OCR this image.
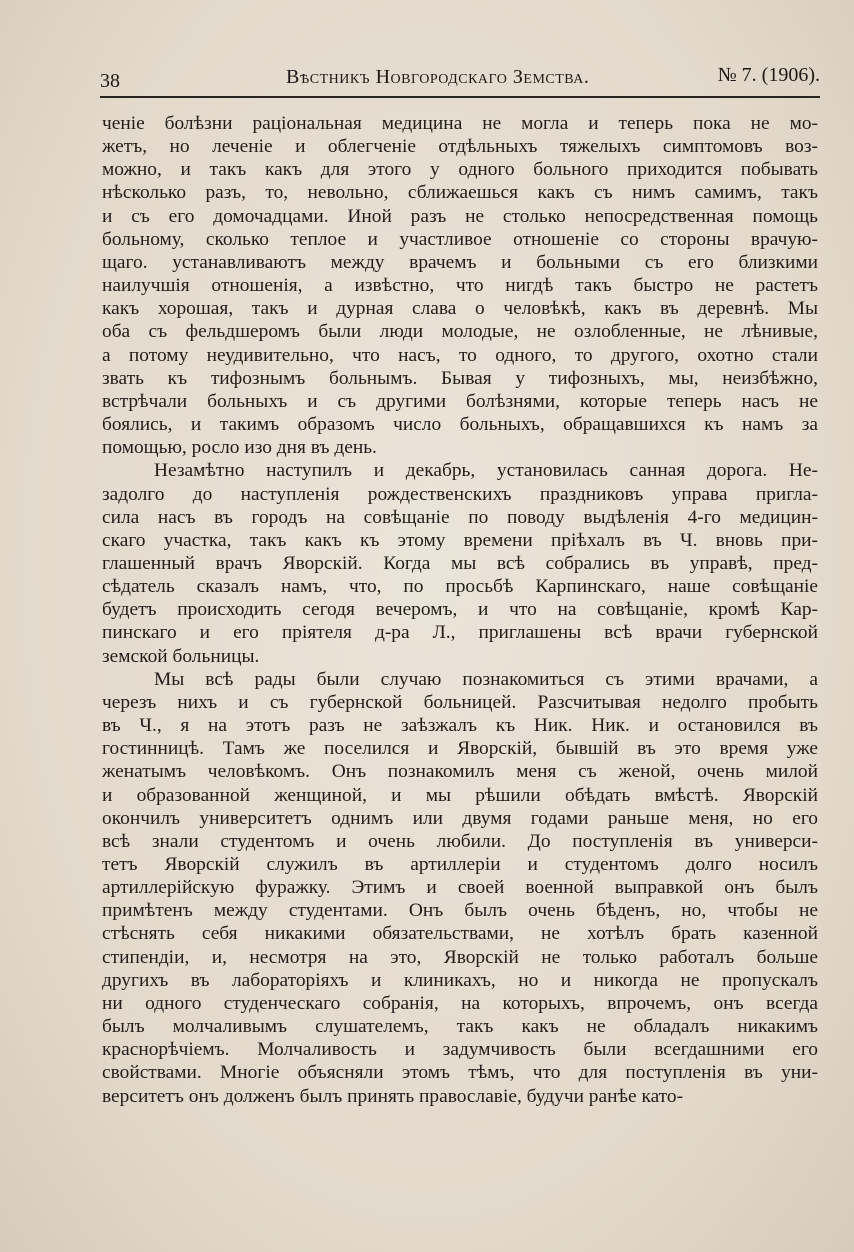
38	Вѣстникъ Новгородскаго Земства.	№ 7. (1906).
ченіе болѣзни раціональная медицина не могла и теперь пока не мо-
жетъ, но леченіе и облегченіе отдѣльныхъ тяжелыхъ симптомовъ воз-
можно, и такъ какъ для этого у одного больного приходится побывать
нѣсколько разъ, то, невольно, сближаешься какъ съ нимъ самимъ, такъ
и съ его домочадцами. Иной разъ не столько непосредственная помощь
больному, сколько теплое и участливое отношеніе со стороны врачую-
щаго. устанавливаютъ между врачемъ и больными съ его близкими
наилучшія отношенія, а извѣстно, что нигдѣ такъ быстро не растетъ
какъ хорошая, такъ и дурная слава о человѣкѣ, какъ въ деревнѣ. Мы
оба съ фельдшеромъ были люди молодые, не озлобленные, не лѣнивые,
а потому неудивительно, что насъ, то одного, то другого, охотно стали
звать къ тифознымъ больнымъ. Бывая у тифозныхъ, мы, неизбѣжно,
встрѣчали больныхъ и съ другими болѣзнями, которые теперь насъ не
боялись, и такимъ образомъ число больныхъ, обращавшихся къ намъ за
помощью, росло изо дня въ день.
Незамѣтно наступилъ и декабрь, установилась санная дорога. Не-
задолго до наступленія рождественскихъ праздниковъ управа пригла-
сила насъ въ городъ на совѣщаніе по поводу выдѣленія 4-го медицин-
скаго участка, такъ какъ къ этому времени пріѣхалъ въ Ч. вновь при-
глашенный врачъ Яворскій. Когда мы всѣ собрались въ управѣ, пред-
сѣдатель сказалъ намъ, что, по просьбѣ Карпинскаго, наше совѣщаніе
будетъ происходить сегодя вечеромъ, и что на совѣщаніе, кромѣ Кар-
пинскаго и его пріятеля д-ра Л., приглашены всѣ врачи губернской
земской больницы.
Мы всѣ рады были случаю познакомиться съ этими врачами, а
черезъ нихъ и съ губернской больницей. Разсчитывая недолго пробыть
въ Ч., я на этотъ разъ не заѣзжалъ къ Ник. Ник. и остановился въ
гостинницѣ. Тамъ же поселился и Яворскій, бывшій въ это время уже
женатымъ человѣкомъ. Онъ познакомилъ меня съ женой, очень милой
и образованной женщиной, и мы рѣшили обѣдать вмѣстѣ. Яворскій
окончилъ университетъ однимъ или двумя годами раньше меня, но его
всѣ знали студентомъ и очень любили. До поступленія въ универси-
тетъ Яворскій служилъ въ артиллеріи и студентомъ долго носилъ
артиллерійскую фуражку. Этимъ и своей военной выправкой онъ былъ
примѣтенъ между студентами. Онъ былъ очень бѣденъ, но, чтобы не
стѣснять себя никакими обязательствами, не хотѣлъ брать казенной
стипендіи, и, несмотря на это, Яворскій не только работалъ больше
другихъ въ лабораторіяхъ и клиникахъ, но и никогда не пропускалъ
ни одного студенческаго собранія, на которыхъ, впрочемъ, онъ всегда
былъ молчаливымъ слушателемъ, такъ какъ не обладалъ никакимъ
краснорѣчіемъ. Молчаливость и задумчивость были всегдашними его
свойствами. Многіе объясняли этомъ тѣмъ, что для поступленія въ уни-
верситетъ онъ долженъ былъ принять православіе, будучи ранѣе като-
